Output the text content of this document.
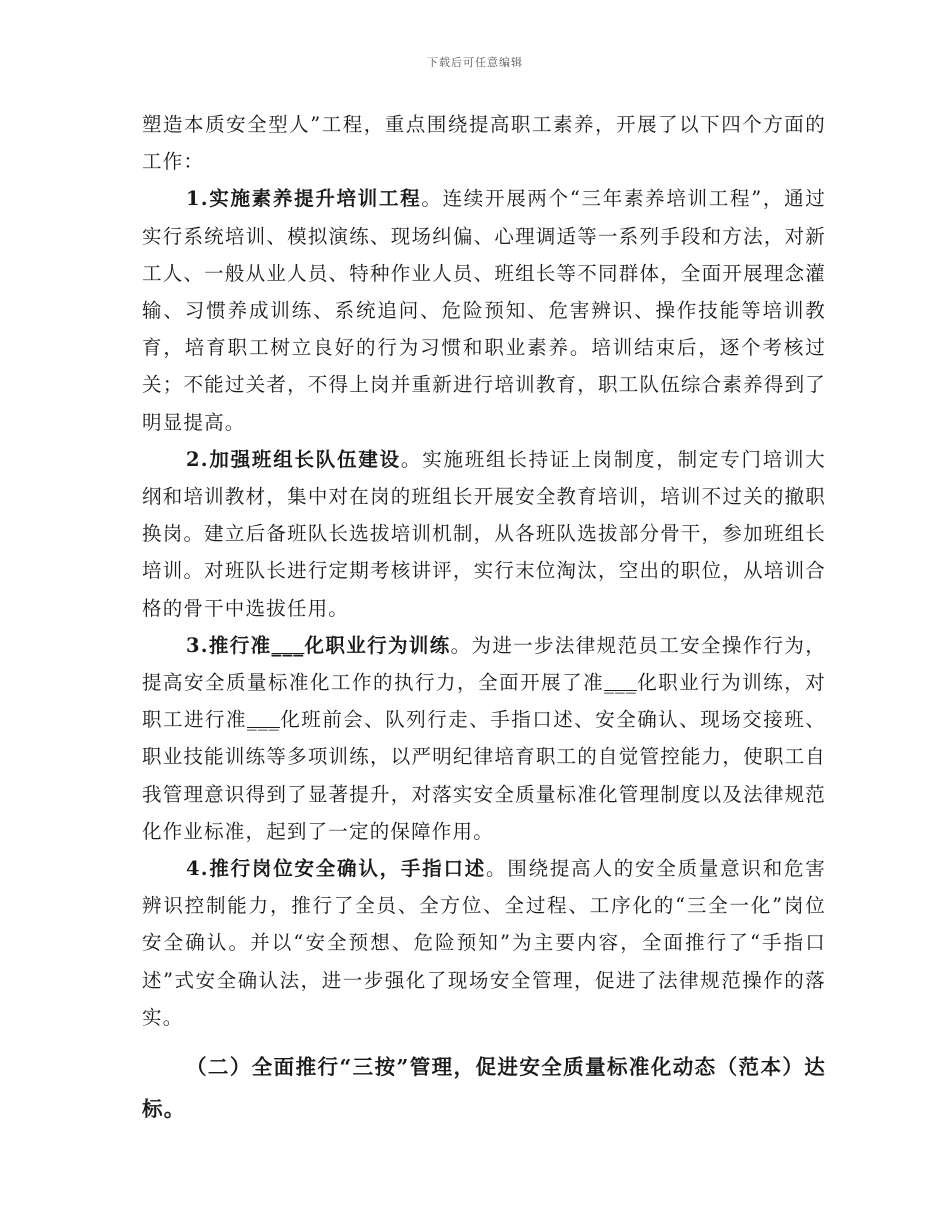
下载后可任意编辑

塑造本质安全型人”工程，重点围绕提高职工素养，开展了以下四个方面的工作：

1.实施素养提升培训工程。连续开展两个“三年素养培训工程”，通过实行系统培训、模拟演练、现场纠偏、心理调适等一系列手段和方法，对新工人、一般从业人员、特种作业人员、班组长等不同群体，全面开展理念灌输、习惯养成训练、系统追问、危险预知、危害辨识、操作技能等培训教育，培育职工树立良好的行为习惯和职业素养。培训结束后，逐个考核过关；不能过关者，不得上岗并重新进行培训教育，职工队伍综合素养得到了明显提高。

2.加强班组长队伍建设。实施班组长持证上岗制度，制定专门培训大纲和培训教材，集中对在岗的班组长开展安全教育培训，培训不过关的撤职换岗。建立后备班队长选拔培训机制，从各班队选拔部分骨干，参加班组长培训。对班队长进行定期考核讲评，实行末位淘汰，空出的职位，从培训合格的骨干中选拔任用。

3.推行准___化职业行为训练。为进一步法律规范员工安全操作行为，提高安全质量标准化工作的执行力，全面开展了准___化职业行为训练，对职工进行准___化班前会、队列行走、手指口述、安全确认、现场交接班、职业技能训练等多项训练，以严明纪律培育职工的自觉管控能力，使职工自我管理意识得到了显著提升，对落实安全质量标准化管理制度以及法律规范化作业标准，起到了一定的保障作用。

4.推行岗位安全确认，手指口述。围绕提高人的安全质量意识和危害辨识控制能力，推行了全员、全方位、全过程、工序化的“三全一化”岗位安全确认。并以“安全预想、危险预知”为主要内容，全面推行了“手指口述”式安全确认法，进一步强化了现场安全管理，促进了法律规范操作的落实。

（二）全面推行“三按”管理，促进安全质量标准化动态（范本）达标。
